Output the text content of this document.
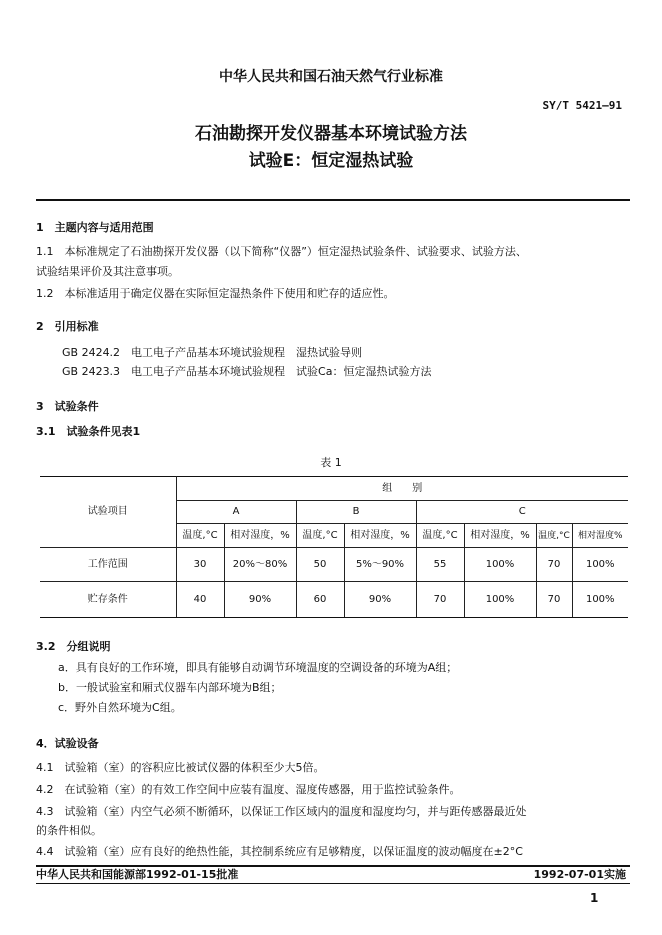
中华人民共和国石油天然气行业标准
SY/T 5421—91
石油勘探开发仪器基本环境试验方法
试验E：恒定湿热试验
1　主题内容与适用范围
1.1　本标准规定了石油勘探开发仪器（以下简称“仪器”）恒定湿热试验条件、试验要求、试验方法、
试验结果评价及其注意事项。
1.2　本标准适用于确定仪器在实际恒定湿热条件下使用和贮存的适应性。
2　引用标准
GB 2424.2　电工电子产品基本环境试验规程　湿热试验导则
GB 2423.3　电工电子产品基本环境试验规程　试验Ca：恒定湿热试验方法
3　试验条件
3.1　试验条件见表1
表 1
试验项目	组　　别							
	A		B		C			
	温度,°C	相对湿度，%	温度,°C	相对湿度，%	温度,°C	相对湿度，%	温度,°C	相对湿度%
工作范围	30	20%～80%	50	5%～90%	55	100%	70	100%
贮存条件	40	90%	60	90%	70	100%	70	100%
3.2　分组说明
a．具有良好的工作环境，即具有能够自动调节环境温度的空调设备的环境为A组；
b．一般试验室和厢式仪器车内部环境为B组；
c．野外自然环境为C组。
4．试验设备
4.1　试验箱（室）的容积应比被试仪器的体积至少大5倍。
4.2　在试验箱（室）的有效工作空间中应装有温度、湿度传感器，用于监控试验条件。
4.3　试验箱（室）内空气必须不断循环，以保证工作区域内的温度和湿度均匀，并与距传感器最近处
的条件相似。
4.4　试验箱（室）应有良好的绝热性能，其控制系统应有足够精度，以保证温度的波动幅度在±2°C
中华人民共和国能源部1992-01-15批准	1992-07-01实施
1
